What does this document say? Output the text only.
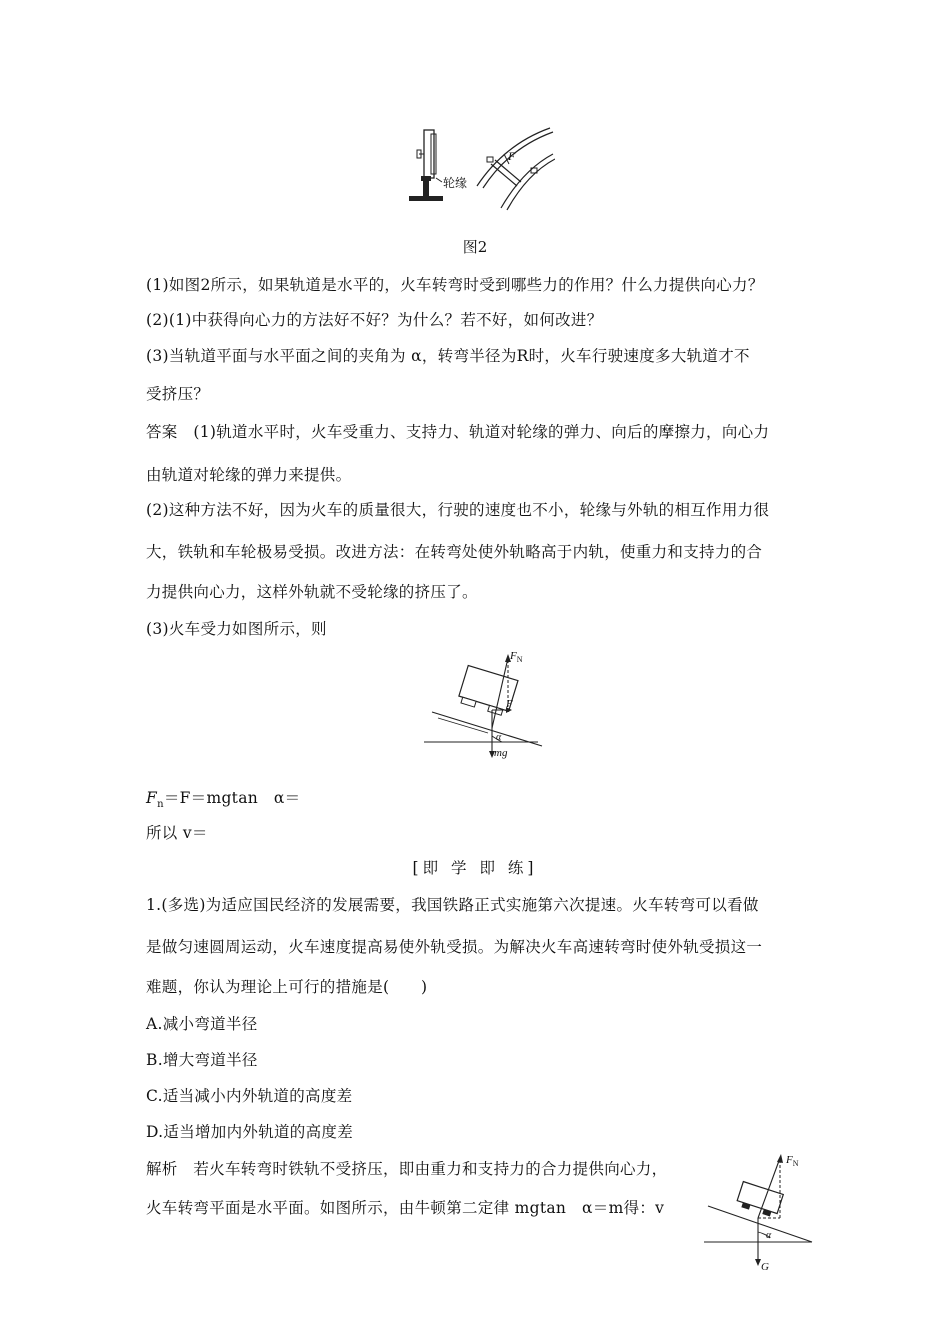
轮缘
F
图2
(1)如图2所示，如果轨道是水平的，火车转弯时受到哪些力的作用？什么力提供向心力？
(2)(1)中获得向心力的方法好不好？为什么？若不好，如何改进？
(3)当轨道平面与水平面之间的夹角为 α，转弯半径为R时，火车行驶速度多大轨道才不
受挤压？
答案　(1)轨道水平时，火车受重力、支持力、轨道对轮缘的弹力、向后的摩擦力，向心力
由轨道对轮缘的弹力来提供。
(2)这种方法不好，因为火车的质量很大，行驶的速度也不小，轮缘与外轨的相互作用力很
大，铁轨和车轮极易受损。改进方法：在转弯处使外轨略高于内轨，使重力和支持力的合
力提供向心力，这样外轨就不受轮缘的挤压了。
(3)火车受力如图所示，则
$F_N$
F
α
mg
$F_n=F=mgtan$　α＝
所以 v＝
[即 学 即 练]
1.(多选)为适应国民经济的发展需要，我国铁路正式实施第六次提速。火车转弯可以看做
是做匀速圆周运动，火车速度提高易使外轨受损。为解决火车高速转弯时使外轨受损这一
难题，你认为理论上可行的措施是(　　)
A.减小弯道半径
B.增大弯道半径
C.适当减小内外轨道的高度差
D.适当增加内外轨道的高度差
解析　若火车转弯时铁轨不受挤压，即由重力和支持力的合力提供向心力，
火车转弯平面是水平面。如图所示，由牛顿第二定律 mgtan　α＝m得：v
$F_N$
α
G
